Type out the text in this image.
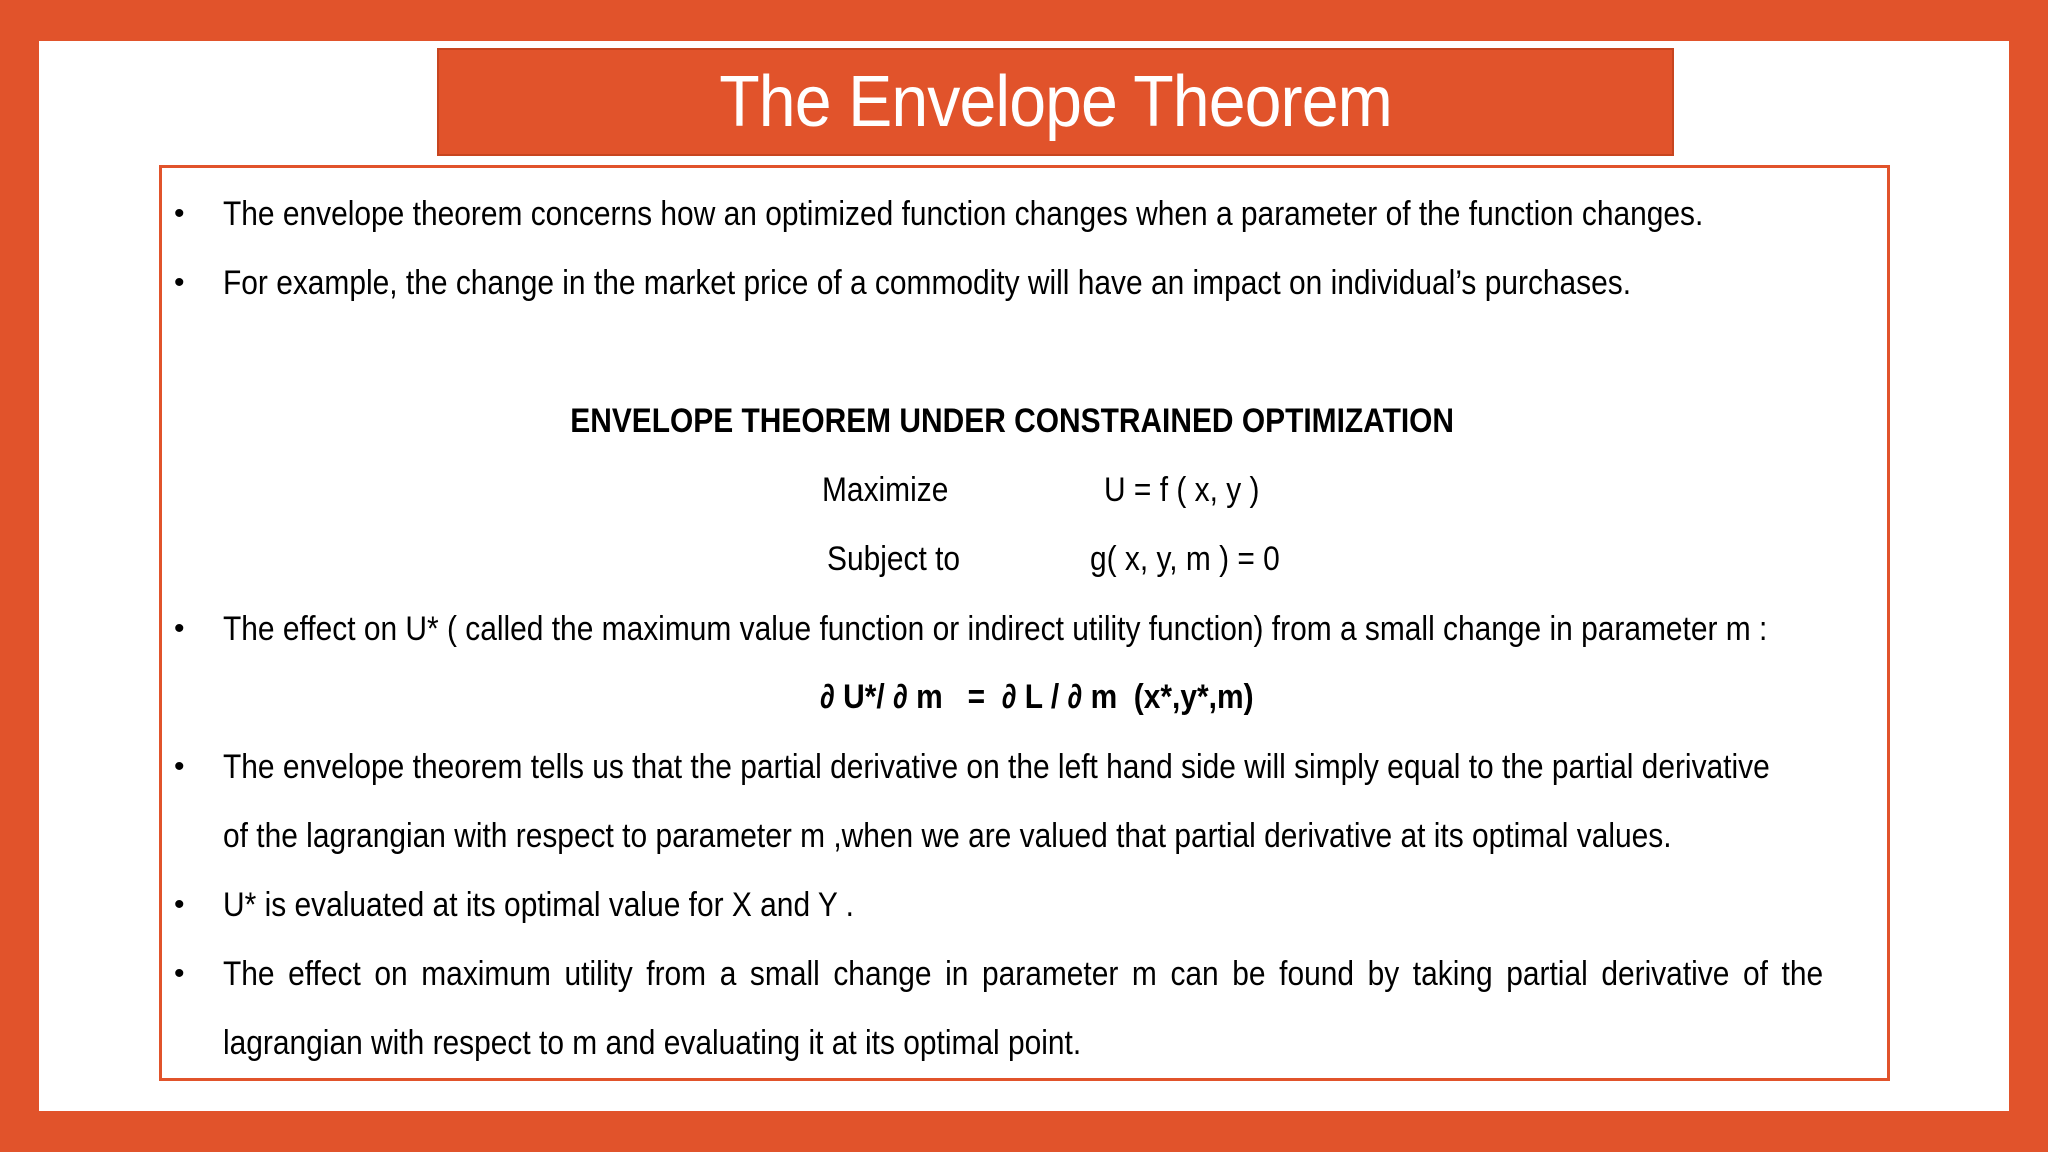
The Envelope Theorem
• The envelope theorem concerns how an optimized function changes when a parameter of the function changes.
• For example, the change in the market price of a commodity will have an impact on individual’s purchases.
ENVELOPE THEOREM UNDER CONSTRAINED OPTIMIZATION
Maximize	U = f ( x, y )
Subject to	g( x, y, m ) = 0
• The effect on U* ( called the maximum value function or indirect utility function) from a small change in parameter m :
∂ U*/ ∂ m   =  ∂ L / ∂ m  (x*,y*,m)
• The envelope theorem tells us that the partial derivative on the left hand side will simply equal to the partial derivative
of the lagrangian with respect to parameter m ,when we are valued that partial derivative at its optimal values.
• U* is evaluated at its optimal value for X and Y .
• The effect on maximum utility from a small change in parameter m can be found by taking partial derivative of the
lagrangian with respect to m and evaluating it at its optimal point.
